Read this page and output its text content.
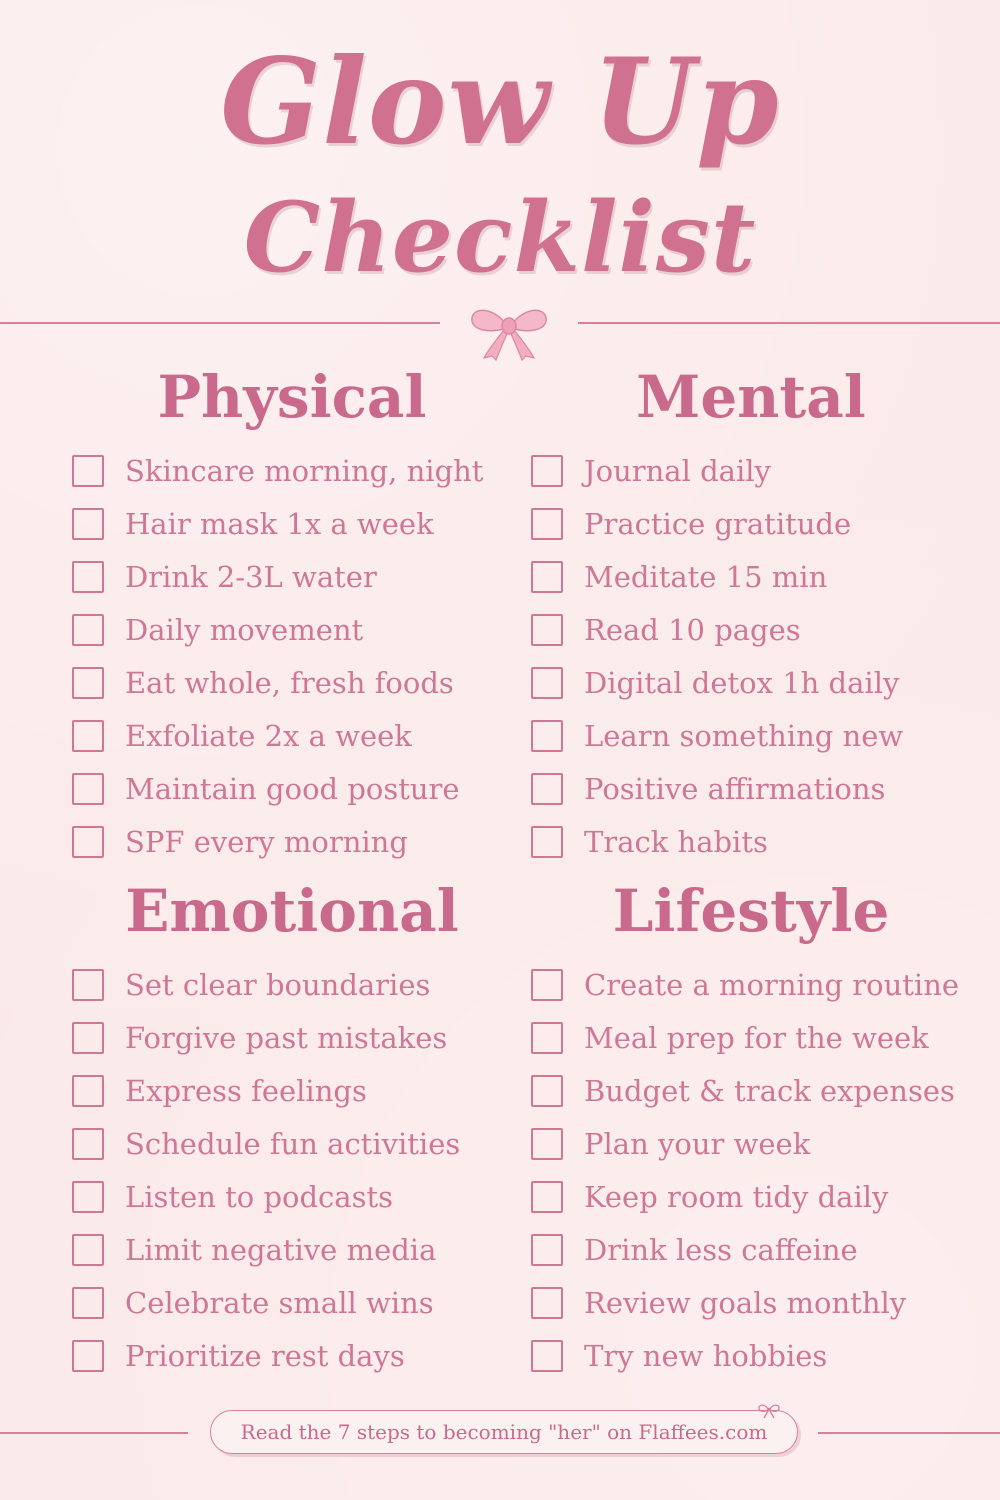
Glow Up
Checklist
Physical
Skincare morning, night
Hair mask 1x a week
Drink 2-3L water
Daily movement
Eat whole, fresh foods
Exfoliate 2x a week
Maintain good posture
SPF every morning
Mental
Journal daily
Practice gratitude
Meditate 15 min
Read 10 pages
Digital detox 1h daily
Learn something new
Positive affirmations
Track habits
Emotional
Set clear boundaries
Forgive past mistakes
Express feelings
Schedule fun activities
Listen to podcasts
Limit negative media
Celebrate small wins
Prioritize rest days
Lifestyle
Create a morning routine
Meal prep for the week
Budget & track expenses
Plan your week
Keep room tidy daily
Drink less caffeine
Review goals monthly
Try new hobbies
Read the 7 steps to becoming "her" on Flaffees.com
